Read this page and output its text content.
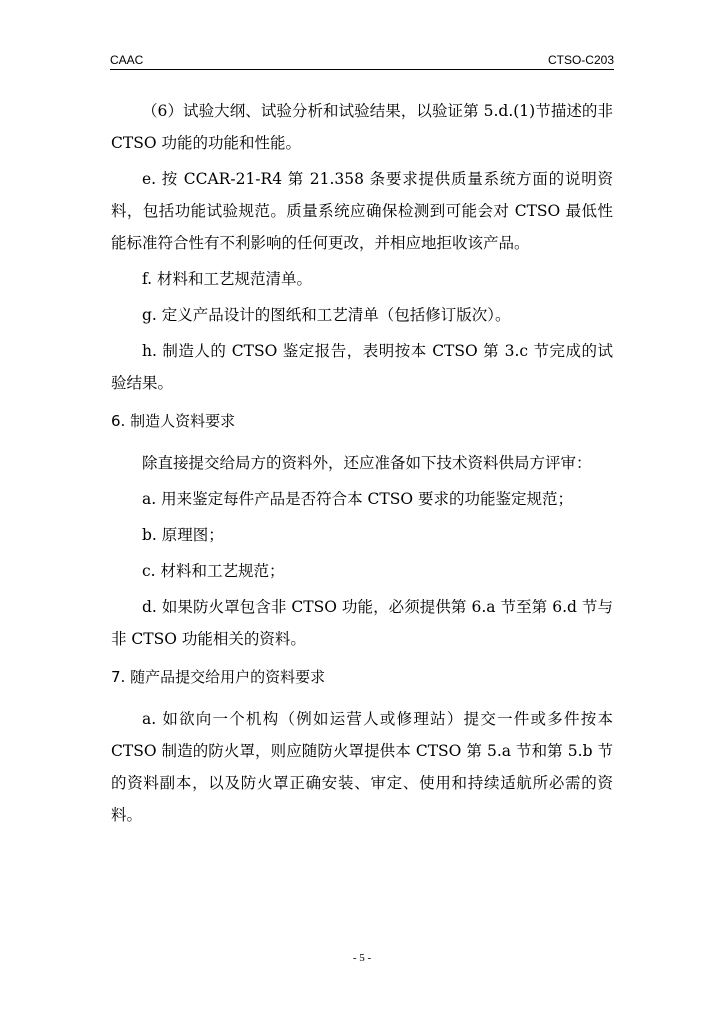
CAAC	CTSO-C203

（6）试验大纲、试验分析和试验结果，以验证第 5.d.(1)节描述的非 CTSO 功能的功能和性能。

e. 按 CCAR-21-R4 第 21.358 条要求提供质量系统方面的说明资料，包括功能试验规范。质量系统应确保检测到可能会对 CTSO 最低性能标准符合性有不利影响的任何更改，并相应地拒收该产品。

f. 材料和工艺规范清单。

g. 定义产品设计的图纸和工艺清单（包括修订版次）。

h. 制造人的 CTSO 鉴定报告，表明按本 CTSO 第 3.c 节完成的试验结果。

6. 制造人资料要求

除直接提交给局方的资料外，还应准备如下技术资料供局方评审：

a. 用来鉴定每件产品是否符合本 CTSO 要求的功能鉴定规范；

b. 原理图；

c. 材料和工艺规范；

d. 如果防火罩包含非 CTSO 功能，必须提供第 6.a 节至第 6.d 节与非 CTSO 功能相关的资料。

7. 随产品提交给用户的资料要求

a. 如欲向一个机构（例如运营人或修理站）提交一件或多件按本 CTSO 制造的防火罩，则应随防火罩提供本 CTSO 第 5.a 节和第 5.b 节的资料副本，以及防火罩正确安装、审定、使用和持续适航所必需的资料。

- 5 -
